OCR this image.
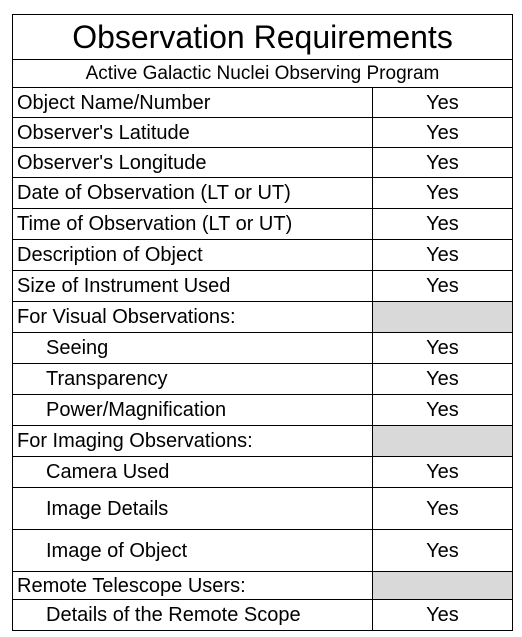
Observation Requirements	
Active Galactic Nuclei Observing Program	
Object Name/Number	Yes
Observer's Latitude	Yes
Observer's Longitude	Yes
Date of Observation (LT or UT)	Yes
Time of Observation (LT or UT)	Yes
Description of Object	Yes
Size of Instrument Used	Yes
For Visual Observations:	
Seeing	Yes
Transparency	Yes
Power/Magnification	Yes
For Imaging Observations:	
Camera Used	Yes
Image Details	Yes
Image of Object	Yes
Remote Telescope Users:	
Details of the Remote Scope	Yes
